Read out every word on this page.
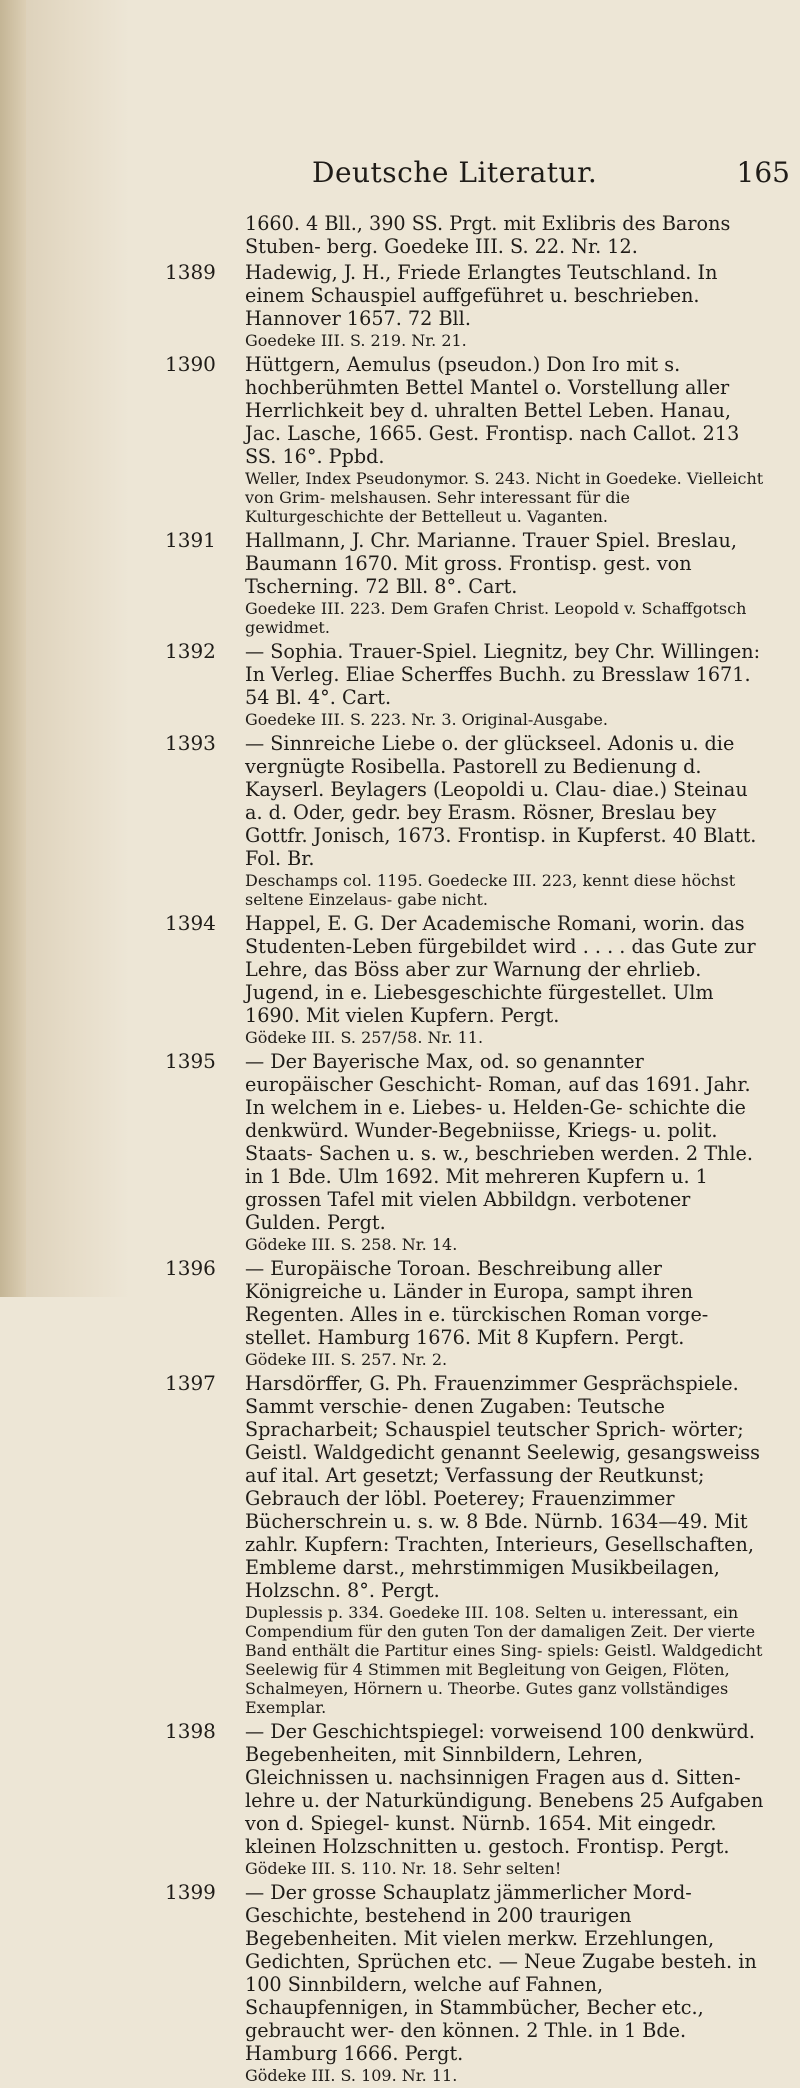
Deutsche Literatur.	165
1660. 4 Bll., 390 SS. Prgt. mit Exlibris des Barons Stuben- berg. Goedeke III. S. 22. Nr. 12.
1389 Hadewig, J. H., Friede Erlangtes Teutschland. In einem Schauspiel auffgeführet u. beschrieben. Hannover 1657. 72 Bll.
Goedeke III. S. 219. Nr. 21.
1390 Hüttgern, Aemulus (pseudon.) Don Iro mit s. hochberühmten Bettel Mantel o. Vorstellung aller Herrlichkeit bey d. uhralten Bettel Leben. Hanau, Jac. Lasche, 1665. Gest. Frontisp. nach Callot. 213 SS. 16°. Ppbd.
Weller, Index Pseudonymor. S. 243. Nicht in Goedeke. Vielleicht von Grim- melshausen. Sehr interessant für die Kulturgeschichte der Bettelleut u. Vaganten.
1391 Hallmann, J. Chr. Marianne. Trauer Spiel. Breslau, Baumann 1670. Mit gross. Frontisp. gest. von Tscherning. 72 Bll. 8°. Cart.
Goedeke III. 223. Dem Grafen Christ. Leopold v. Schaffgotsch gewidmet.
1392 — Sophia. Trauer-Spiel. Liegnitz, bey Chr. Willingen: In Verleg. Eliae Scherffes Buchh. zu Bresslaw 1671. 54 Bl. 4°. Cart.
Goedeke III. S. 223. Nr. 3. Original-Ausgabe.
1393 — Sinnreiche Liebe o. der glückseel. Adonis u. die vergnügte Rosibella. Pastorell zu Bedienung d. Kayserl. Beylagers (Leopoldi u. Clau- diae.) Steinau a. d. Oder, gedr. bey Erasm. Rösner, Breslau bey Gottfr. Jonisch, 1673. Frontisp. in Kupferst. 40 Blatt. Fol. Br.
Deschamps col. 1195. Goedecke III. 223, kennt diese höchst seltene Einzelaus- gabe nicht.
1394 Happel, E. G. Der Academische Romani, worin. das Studenten-Leben fürgebildet wird . . . . das Gute zur Lehre, das Böss aber zur Warnung der ehrlieb. Jugend, in e. Liebesgeschichte fürgestellet. Ulm 1690. Mit vielen Kupfern. Pergt.
Gödeke III. S. 257/58. Nr. 11.
1395 — Der Bayerische Max, od. so genannter europäischer Geschicht- Roman, auf das 1691. Jahr. In welchem in e. Liebes- u. Helden-Ge- schichte die denkwürd. Wunder-Begebniisse, Kriegs- u. polit. Staats- Sachen u. s. w., beschrieben werden. 2 Thle. in 1 Bde. Ulm 1692. Mit mehreren Kupfern u. 1 grossen Tafel mit vielen Abbildgn. verbotener Gulden. Pergt.
Gödeke III. S. 258. Nr. 14.
1396 — Europäische Toroan. Beschreibung aller Königreiche u. Länder in Europa, sampt ihren Regenten. Alles in e. türckischen Roman vorge- stellet. Hamburg 1676. Mit 8 Kupfern. Pergt.
Gödeke III. S. 257. Nr. 2.
1397 Harsdörffer, G. Ph. Frauenzimmer Gesprächspiele. Sammt verschie- denen Zugaben: Teutsche Spracharbeit; Schauspiel teutscher Sprich- wörter; Geistl. Waldgedicht genannt Seelewig, gesangsweiss auf ital. Art gesetzt; Verfassung der Reutkunst; Gebrauch der löbl. Poeterey; Frauenzimmer Bücherschrein u. s. w. 8 Bde. Nürnb. 1634—49. Mit zahlr. Kupfern: Trachten, Interieurs, Gesellschaften, Embleme darst., mehrstimmigen Musikbeilagen, Holzschn. 8°. Pergt.
Duplessis p. 334. Goedeke III. 108. Selten u. interessant, ein Compendium für den guten Ton der damaligen Zeit. Der vierte Band enthält die Partitur eines Sing- spiels: Geistl. Waldgedicht Seelewig für 4 Stimmen mit Begleitung von Geigen, Flöten, Schalmeyen, Hörnern u. Theorbe. Gutes ganz vollständiges Exemplar.
1398 — Der Geschichtspiegel: vorweisend 100 denkwürd. Begebenheiten, mit Sinnbildern, Lehren, Gleichnissen u. nachsinnigen Fragen aus d. Sitten- lehre u. der Naturkündigung. Benebens 25 Aufgaben von d. Spiegel- kunst. Nürnb. 1654. Mit eingedr. kleinen Holzschnitten u. gestoch. Frontisp. Pergt.
Gödeke III. S. 110. Nr. 18. Sehr selten!
1399 — Der grosse Schauplatz jämmerlicher Mord-Geschichte, bestehend in 200 traurigen Begebenheiten. Mit vielen merkw. Erzehlungen, Gedichten, Sprüchen etc. — Neue Zugabe besteh. in 100 Sinnbildern, welche auf Fahnen, Schaupfennigen, in Stammbücher, Becher etc., gebraucht wer- den können. 2 Thle. in 1 Bde. Hamburg 1666. Pergt.
Gödeke III. S. 109. Nr. 11.
